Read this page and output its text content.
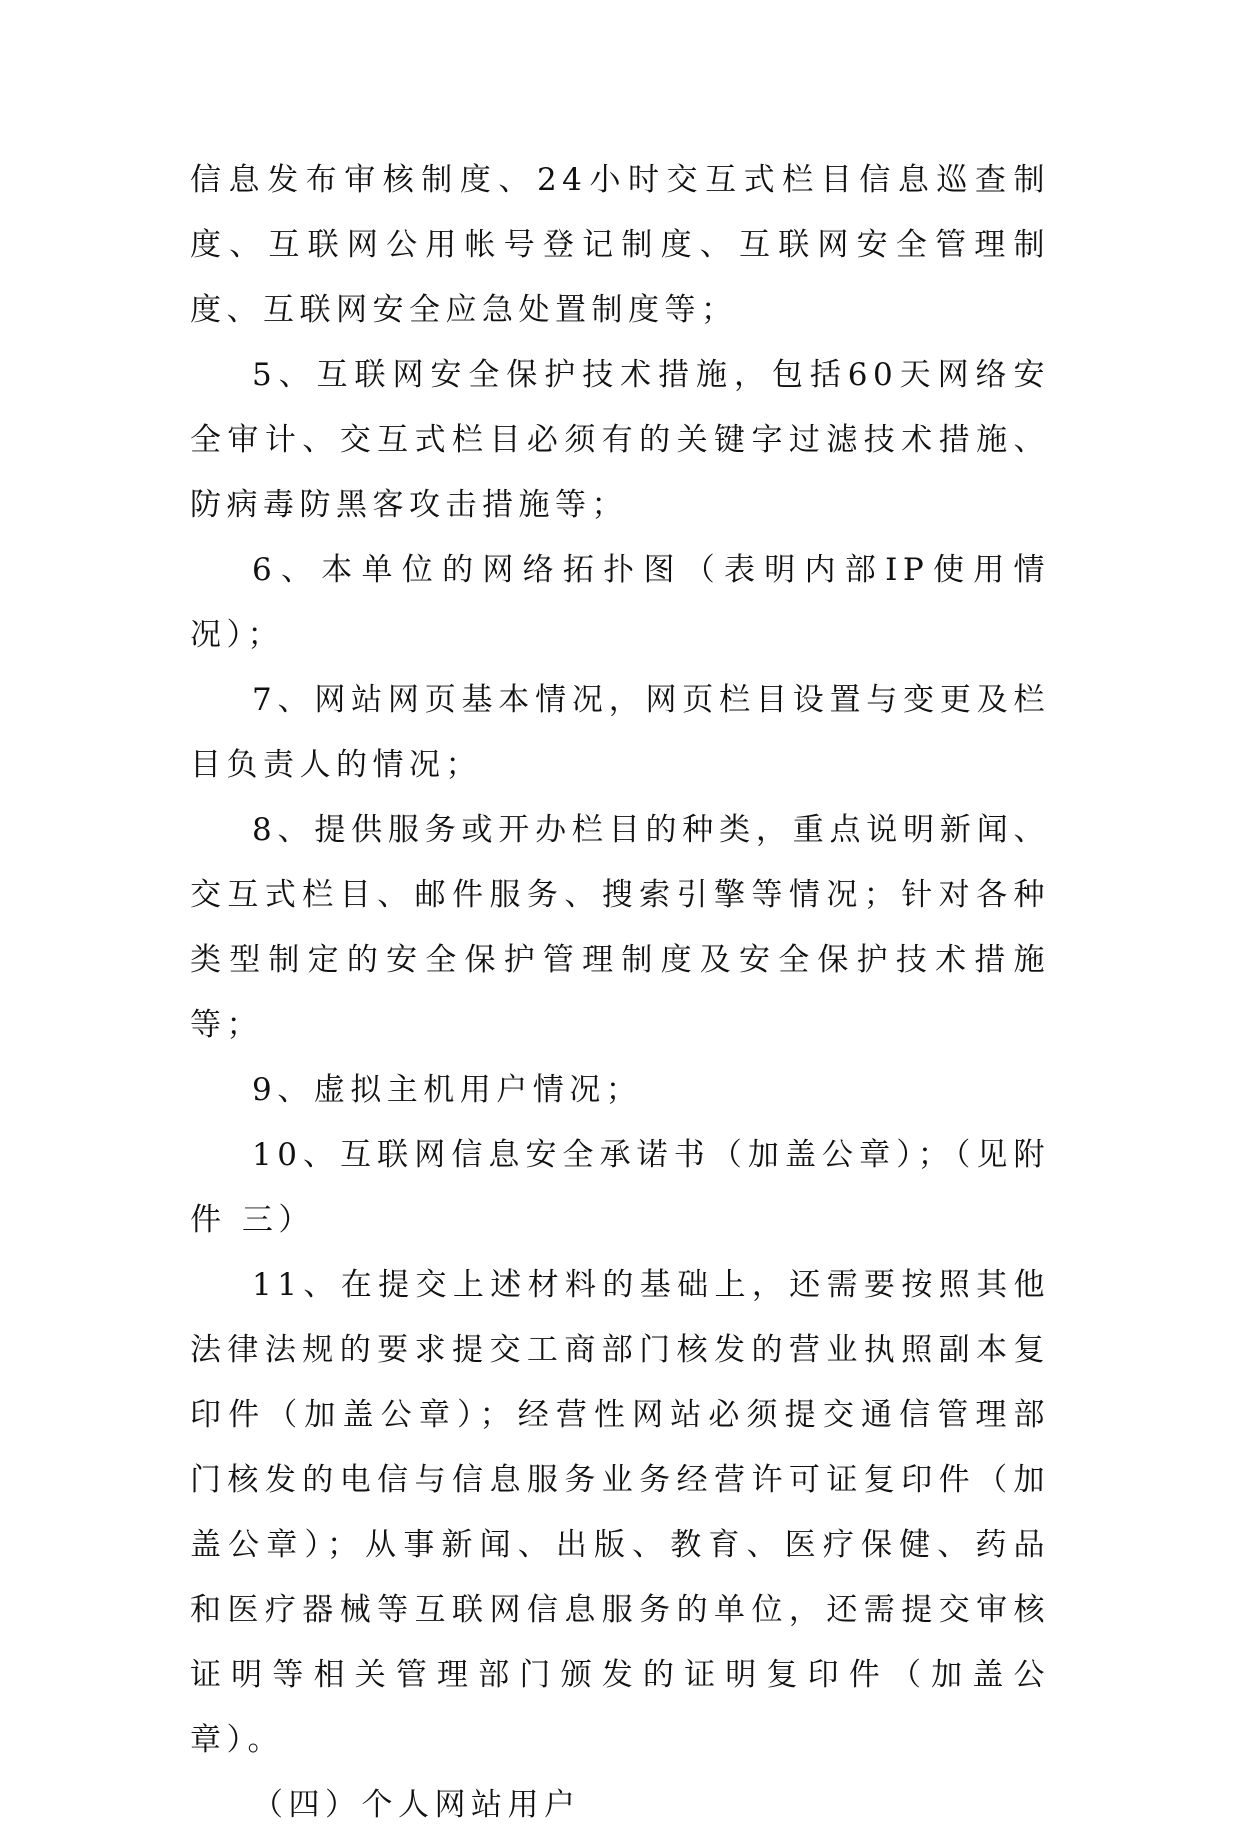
信息发布审核制度、24小时交互式栏目信息巡查制度、互联网公用帐号登记制度、互联网安全管理制度、互联网安全应急处置制度等；

5、互联网安全保护技术措施，包括60天网络安全审计、交互式栏目必须有的关键字过滤技术措施、防病毒防黑客攻击措施等；

6、本单位的网络拓扑图（表明内部IP使用情况）；

7、网站网页基本情况，网页栏目设置与变更及栏目负责人的情况；

8、提供服务或开办栏目的种类，重点说明新闻、交互式栏目、邮件服务、搜索引擎等情况；针对各种类型制定的安全保护管理制度及安全保护技术措施等；

9、虚拟主机用户情况；

10、互联网信息安全承诺书（加盖公章）；（见附件 三）

11、在提交上述材料的基础上，还需要按照其他法律法规的要求提交工商部门核发的营业执照副本复印件（加盖公章）；经营性网站必须提交通信管理部门核发的电信与信息服务业务经营许可证复印件（加盖公章）；从事新闻、出版、教育、医疗保健、药品和医疗器械等互联网信息服务的单位，还需提交审核证明等相关管理部门颁发的证明复印件（加盖公章）。

（四）个人网站用户
